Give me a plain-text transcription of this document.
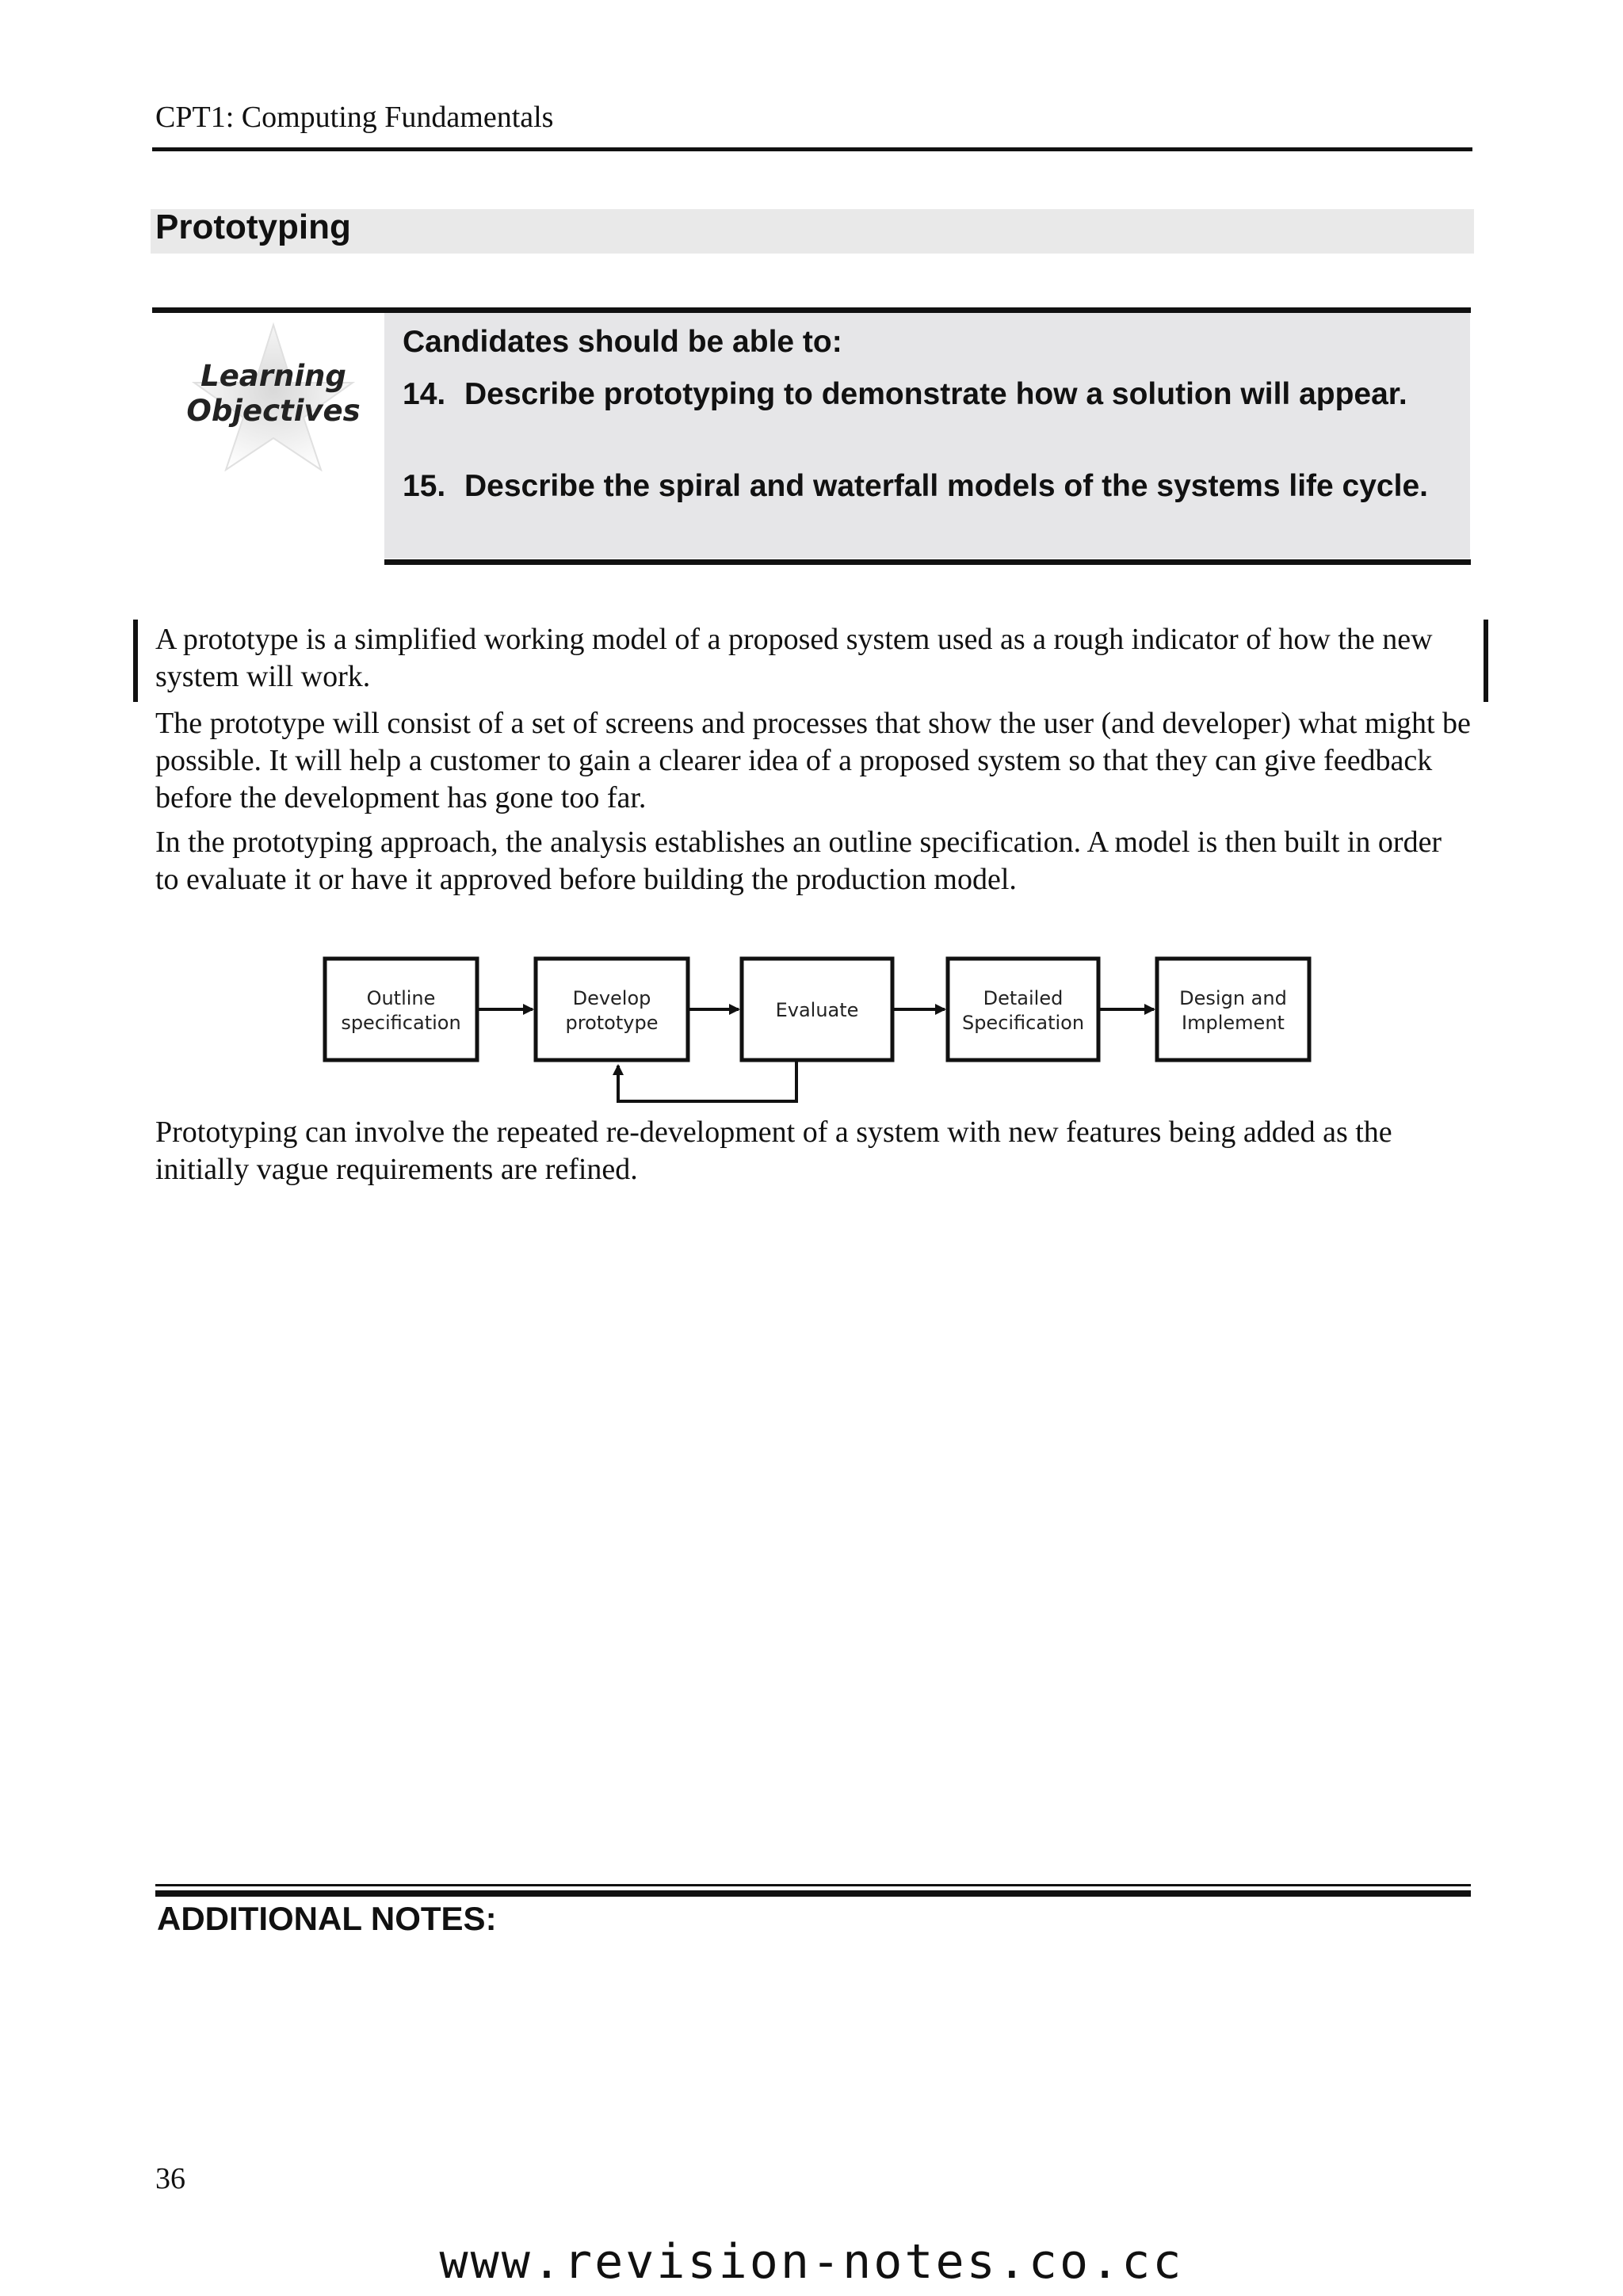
CPT1: Computing Fundamentals
Prototyping
Learning
Objectives
Candidates should be able to:
14. Describe prototyping to demonstrate how a solution will appear.
15. Describe the spiral and waterfall models of the systems life cycle.
A prototype is a simplified working model of a proposed system used as a rough indicator of how the new system will work.
The prototype will consist of a set of screens and processes that show the user (and developer) what might be possible. It will help a customer to gain a clearer idea of a proposed system so that they can give feedback before the development has gone too far.
In the prototyping approach, the analysis establishes an outline specification. A model is then built in order to evaluate it or have it approved before building the production model.
Outline
specification
Develop
prototype
Evaluate
Detailed
Specification
Design and
Implement
Prototyping can involve the repeated re-development of a system with new features being added as the initially vague requirements are refined.
ADDITIONAL NOTES:
36
www.revision-notes.co.cc
